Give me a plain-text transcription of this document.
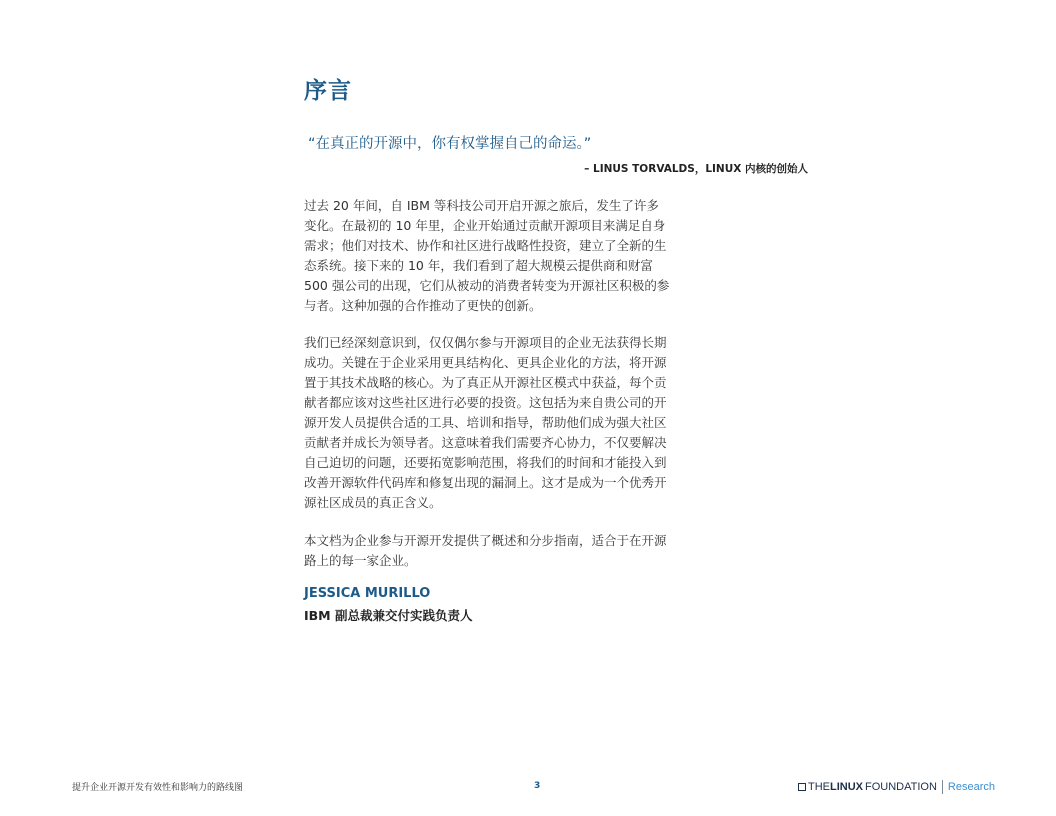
序言

“在真正的开源中，你有权掌握自己的命运。”

– LINUS TORVALDS，LINUX 内核的创始人

过去 20 年间，自 IBM 等科技公司开启开源之旅后，发生了许多
变化。在最初的 10 年里，企业开始通过贡献开源项目来满足自身
需求；他们对技术、协作和社区进行战略性投资，建立了全新的生
态系统。接下来的 10 年，我们看到了超大规模云提供商和财富
500 强公司的出现，它们从被动的消费者转变为开源社区积极的参
与者。这种加强的合作推动了更快的创新。
我们已经深刻意识到，仅仅偶尔参与开源项目的企业无法获得长期
成功。关键在于企业采用更具结构化、更具企业化的方法，将开源
置于其技术战略的核心。为了真正从开源社区模式中获益，每个贡
献者都应该对这些社区进行必要的投资。这包括为来自贵公司的开
源开发人员提供合适的工具、培训和指导，帮助他们成为强大社区
贡献者并成长为领导者。这意味着我们需要齐心协力，不仅要解决
自己迫切的问题，还要拓宽影响范围，将我们的时间和才能投入到
改善开源软件代码库和修复出现的漏洞上。这才是成为一个优秀开
源社区成员的真正含义。
本文档为企业参与开源开发提供了概述和分步指南，适合于在开源
路上的每一家企业。

JESSICA MURILLO

IBM 副总裁兼交付实践负责人

提升企业开源开发有效性和影响力的路线图	3	THE LINUX FOUNDATION Research
